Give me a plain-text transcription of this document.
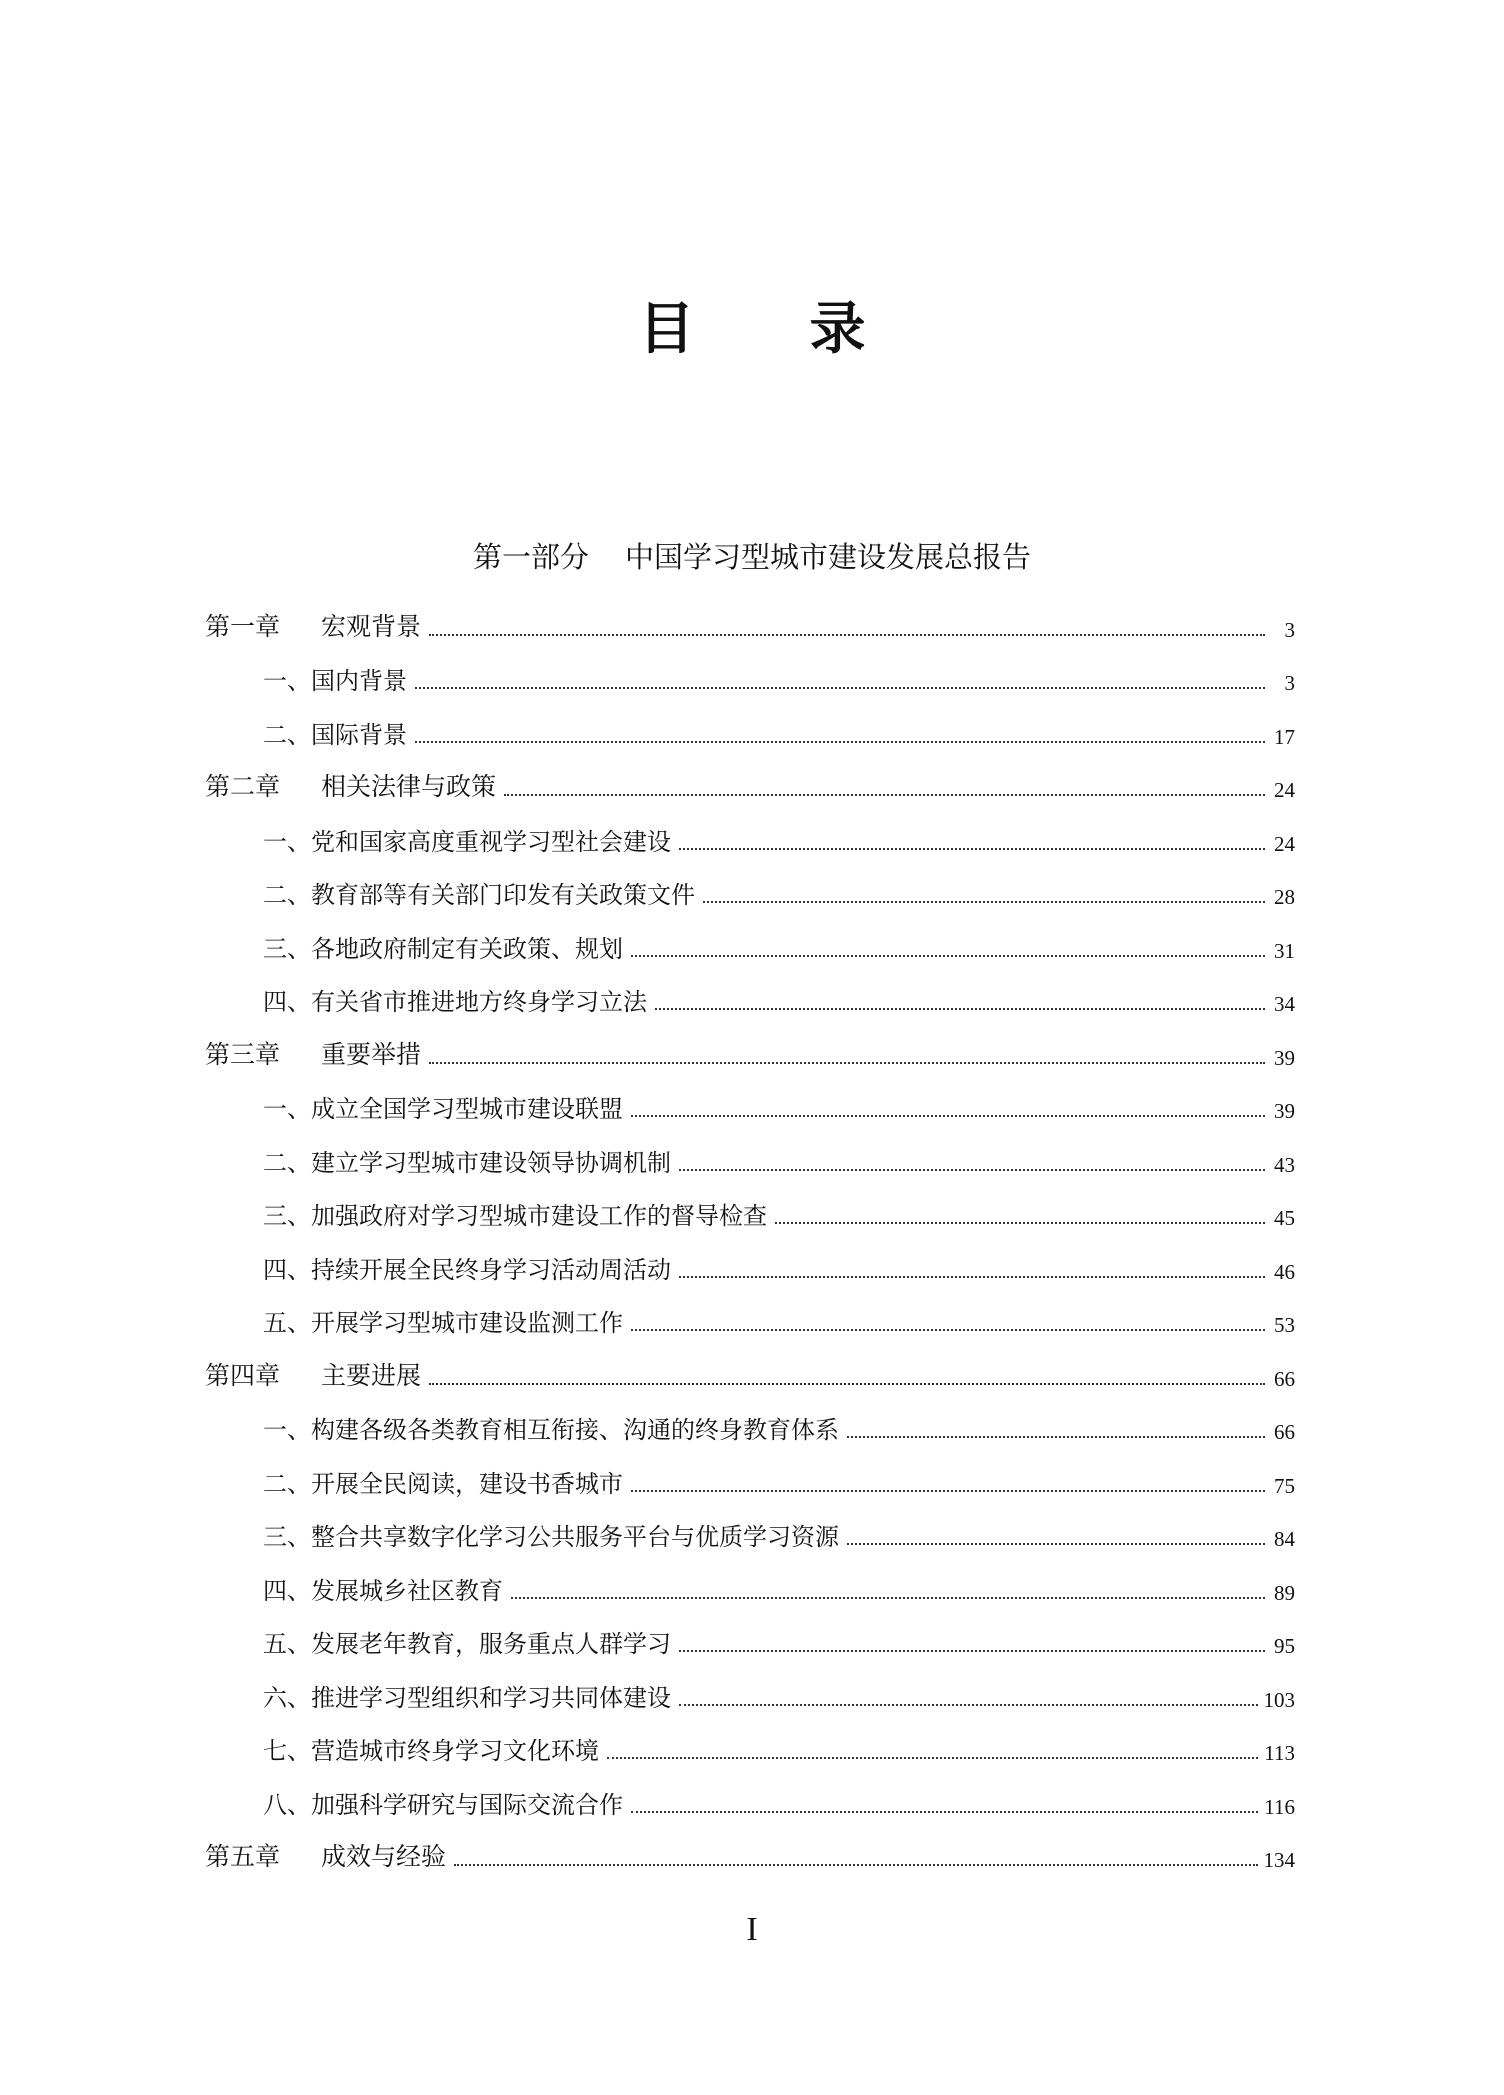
目 录
第一部分 中国学习型城市建设发展总报告
第一章	宏观背景	3
一、国内背景	3
二、国际背景	17
第二章	相关法律与政策	24
一、党和国家高度重视学习型社会建设	24
二、教育部等有关部门印发有关政策文件	28
三、各地政府制定有关政策、规划	31
四、有关省市推进地方终身学习立法	34
第三章	重要举措	39
一、成立全国学习型城市建设联盟	39
二、建立学习型城市建设领导协调机制	43
三、加强政府对学习型城市建设工作的督导检查	45
四、持续开展全民终身学习活动周活动	46
五、开展学习型城市建设监测工作	53
第四章	主要进展	66
一、构建各级各类教育相互衔接、沟通的终身教育体系	66
二、开展全民阅读，建设书香城市	75
三、整合共享数字化学习公共服务平台与优质学习资源	84
四、发展城乡社区教育	89
五、发展老年教育，服务重点人群学习	95
六、推进学习型组织和学习共同体建设	103
七、营造城市终身学习文化环境	113
八、加强科学研究与国际交流合作	116
第五章	成效与经验	134
I
